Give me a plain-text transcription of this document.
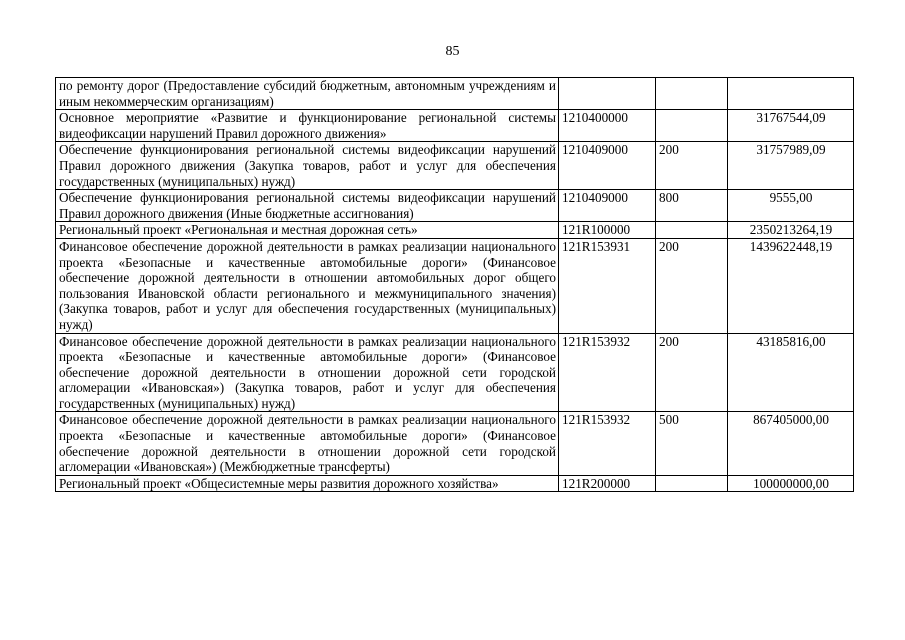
85
по ремонту дорог (Предоставление субсидий бюджетным, автономным учреждениям и иным некоммерческим организациям)			
Основное мероприятие «Развитие и функционирование региональной системы видеофиксации нарушений Правил дорожного движения»	1210400000		31767544,09
Обеспечение функционирования региональной системы видеофиксации нарушений Правил дорожного движения (Закупка товаров, работ и услуг для обеспечения государственных (муниципальных) нужд)	1210409000	200	31757989,09
Обеспечение функционирования региональной системы видеофиксации нарушений Правил дорожного движения (Иные бюджетные ассигнования)	1210409000	800	9555,00
Региональный проект «Региональная и местная дорожная сеть»	121R100000		2350213264,19
Финансовое обеспечение дорожной деятельности в рамках реализации национального проекта «Безопасные и качественные автомобильные дороги» (Финансовое обеспечение дорожной деятельности в отношении автомобильных дорог общего пользования Ивановской области регионального и межмуниципального значения) (Закупка товаров, работ и услуг для обеспечения государственных (муниципальных) нужд)	121R153931	200	1439622448,19
Финансовое обеспечение дорожной деятельности в рамках реализации национального проекта «Безопасные и качественные автомобильные дороги» (Финансовое обеспечение дорожной деятельности в отношении дорожной сети городской агломерации «Ивановская») (Закупка товаров, работ и услуг для обеспечения государственных (муниципальных) нужд)	121R153932	200	43185816,00
Финансовое обеспечение дорожной деятельности в рамках реализации национального проекта «Безопасные и качественные автомобильные дороги» (Финансовое обеспечение дорожной деятельности в отношении дорожной сети городской агломерации «Ивановская») (Межбюджетные трансферты)	121R153932	500	867405000,00
Региональный проект «Общесистемные меры развития дорожного хозяйства»	121R200000		100000000,00
